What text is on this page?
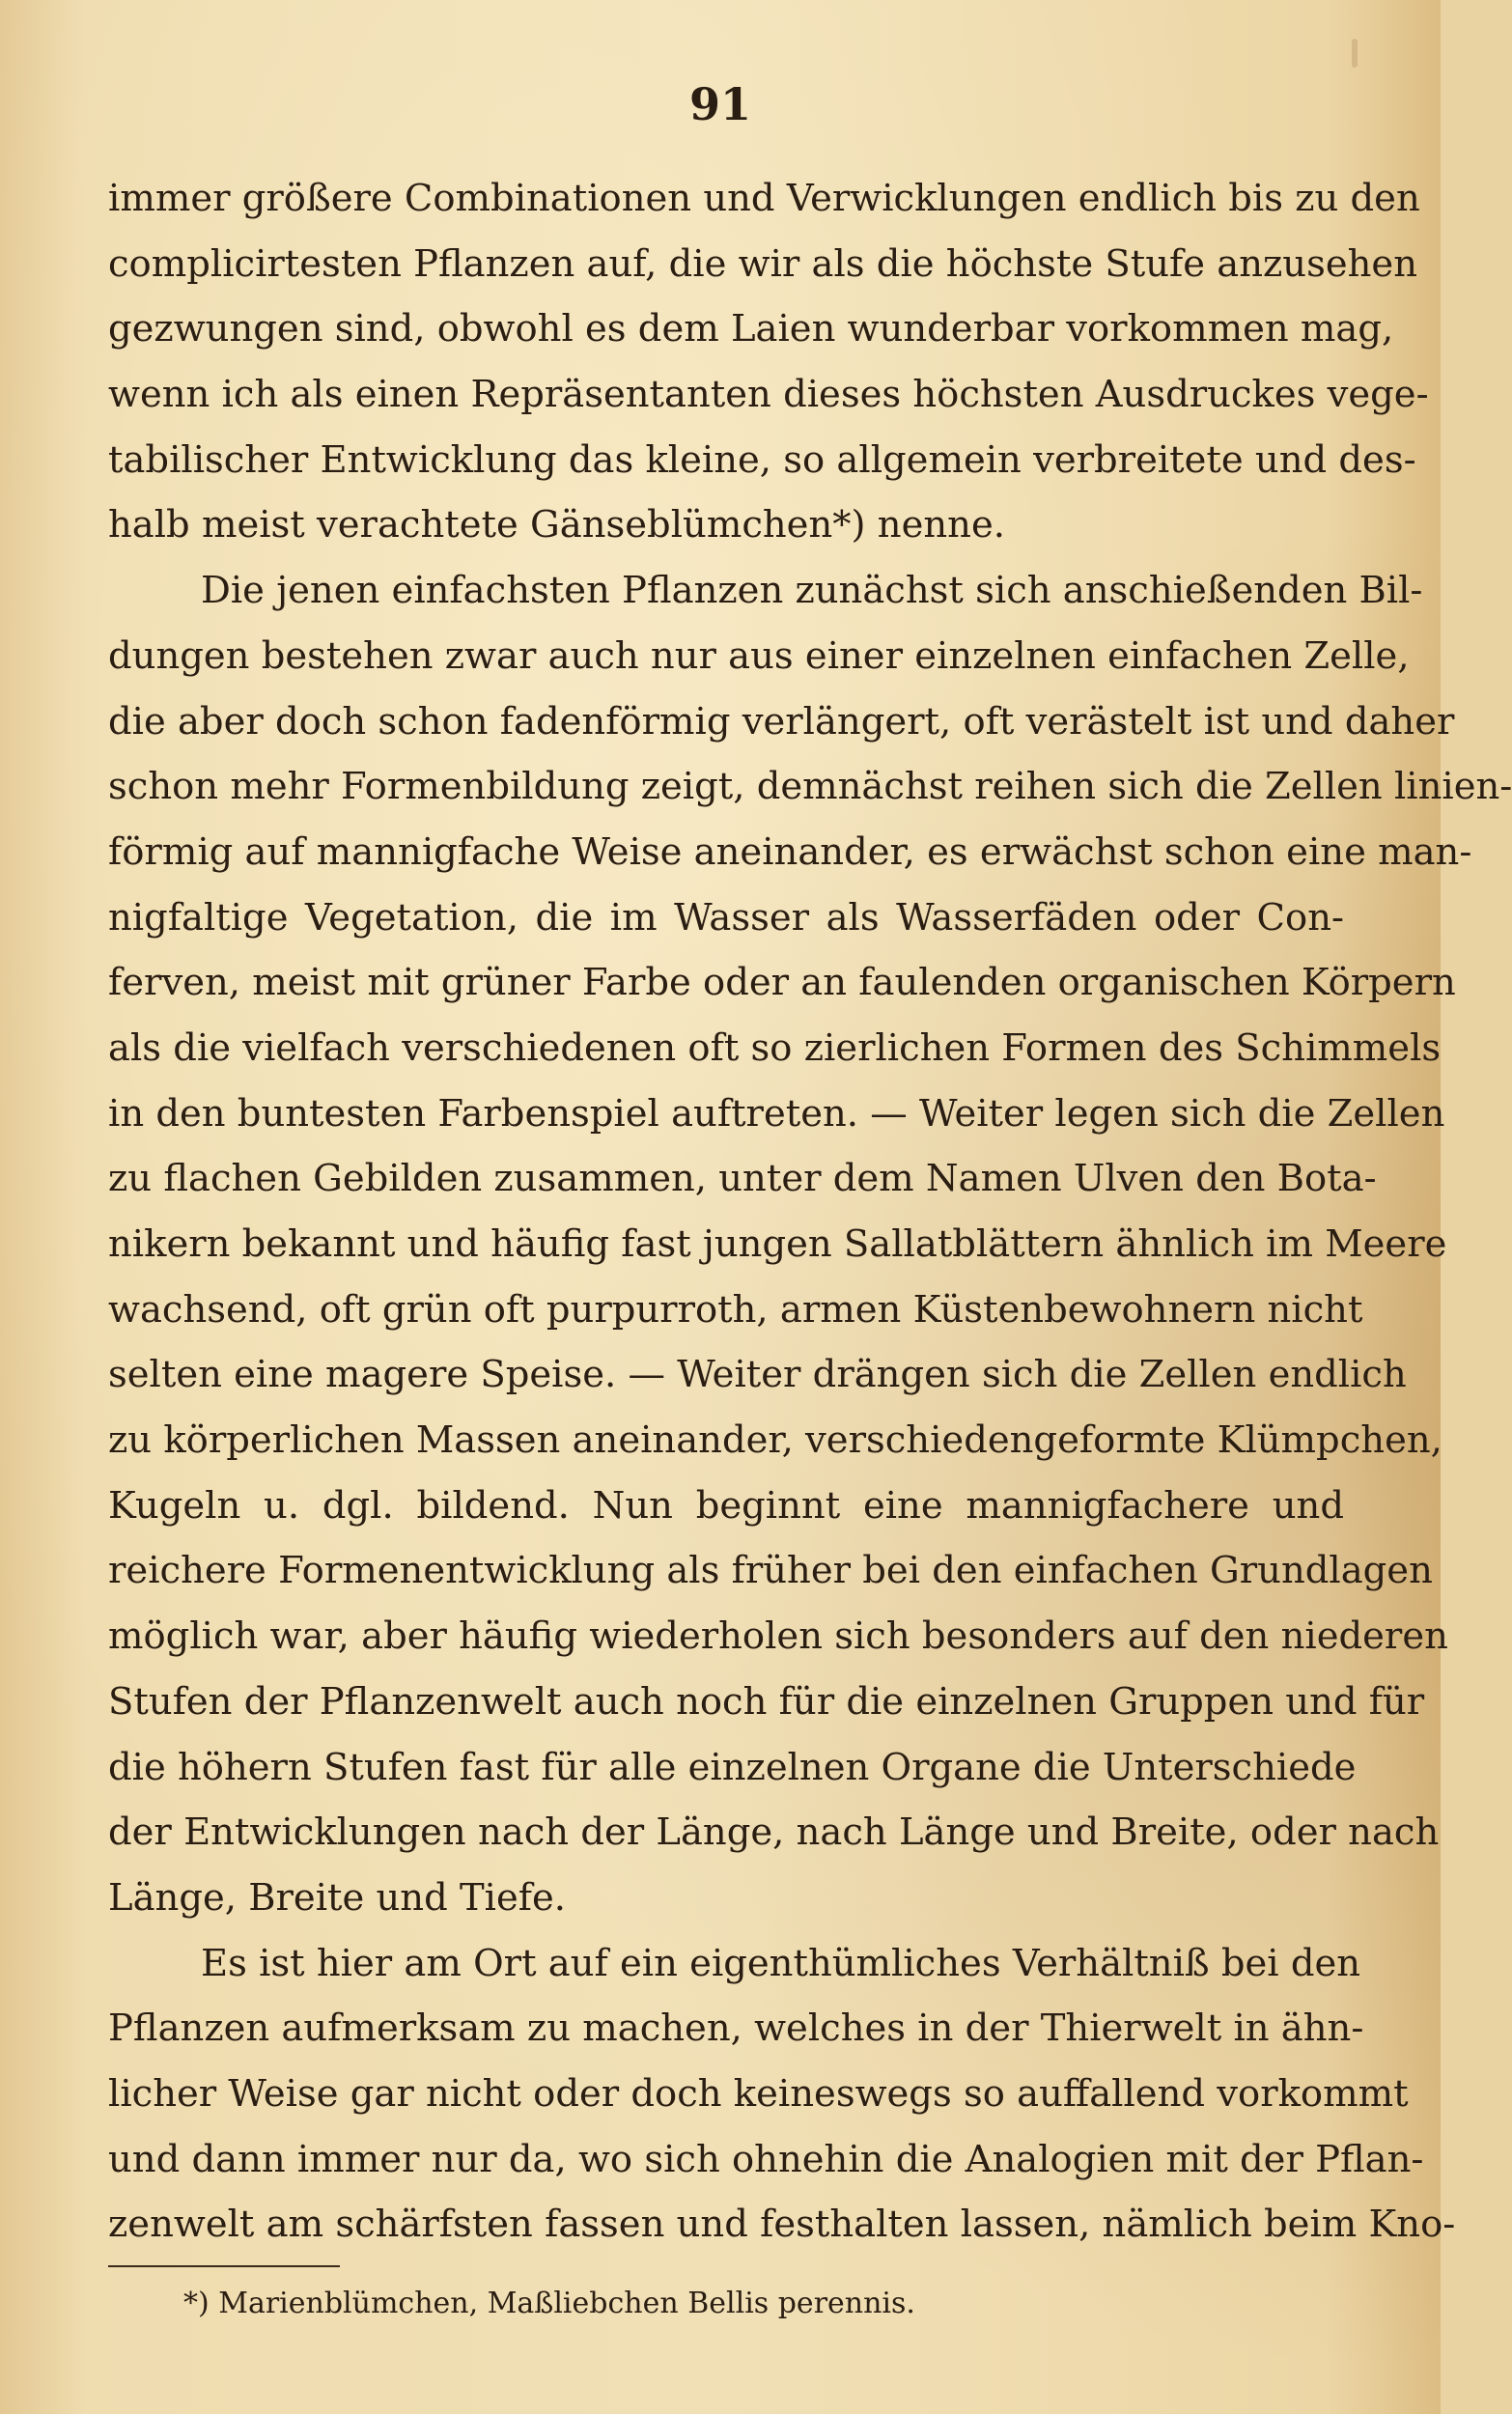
91
immer größere Combinationen und Verwicklungen endlich bis zu den
complicirtesten Pflanzen auf, die wir als die höchste Stufe anzusehen
gezwungen sind, obwohl es dem Laien wunderbar vorkommen mag,
wenn ich als einen Repräsentanten dieses höchsten Ausdruckes vege-
tabilischer Entwicklung das kleine, so allgemein verbreitete und des-
halb meist verachtete Gänseblümchen*) nenne.
Die jenen einfachsten Pflanzen zunächst sich anschießenden Bil-
dungen bestehen zwar auch nur aus einer einzelnen einfachen Zelle,
die aber doch schon fadenförmig verlängert, oft verästelt ist und daher
schon mehr Formenbildung zeigt, demnächst reihen sich die Zellen linien-
förmig auf mannigfache Weise aneinander, es erwächst schon eine man-
nigfaltige Vegetation, die im Wasser als Wasserfäden oder Con-
ferven, meist mit grüner Farbe oder an faulenden organischen Körpern
als die vielfach verschiedenen oft so zierlichen Formen des Schimmels
in den buntesten Farbenspiel auftreten. — Weiter legen sich die Zellen
zu flachen Gebilden zusammen, unter dem Namen Ulven den Bota-
nikern bekannt und häufig fast jungen Sallatblättern ähnlich im Meere
wachsend, oft grün oft purpurroth, armen Küstenbewohnern nicht
selten eine magere Speise. — Weiter drängen sich die Zellen endlich
zu körperlichen Massen aneinander, verschiedengeformte Klümpchen,
Kugeln u. dgl. bildend. Nun beginnt eine mannigfachere und
reichere Formenentwicklung als früher bei den einfachen Grundlagen
möglich war, aber häufig wiederholen sich besonders auf den niederen
Stufen der Pflanzenwelt auch noch für die einzelnen Gruppen und für
die höhern Stufen fast für alle einzelnen Organe die Unterschiede
der Entwicklungen nach der Länge, nach Länge und Breite, oder nach
Länge, Breite und Tiefe.
Es ist hier am Ort auf ein eigenthümliches Verhältniß bei den
Pflanzen aufmerksam zu machen, welches in der Thierwelt in ähn-
licher Weise gar nicht oder doch keineswegs so auffallend vorkommt
und dann immer nur da, wo sich ohnehin die Analogien mit der Pflan-
zenwelt am schärfsten fassen und festhalten lassen, nämlich beim Kno-
*) Marienblümchen, Maßliebchen Bellis perennis.
